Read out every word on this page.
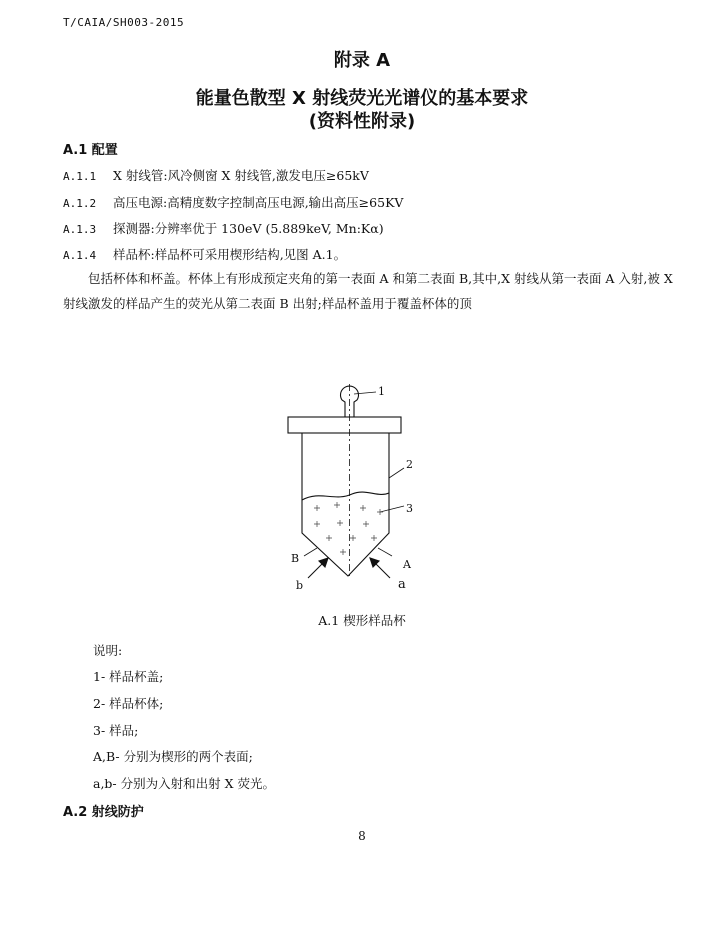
T/CAIA/SH003-2015
附录 A
能量色散型 X 射线荧光光谱仪的基本要求
(资料性附录)
A.1 配置
A.1.1 X 射线管:风冷侧窗 X 射线管,激发电压≥65kV
A.1.2 高压电源:高精度数字控制高压电源,输出高压≥65KV
A.1.3 探测器:分辨率优于 130eV (5.889keV, Mn:Kα)
A.1.4 样品杯:样品杯可采用楔形结构,见图 A.1。
包括杯体和杯盖。杯体上有形成预定夹角的第一表面 A 和第二表面 B,其中,X 射线从第一表面 A 入射,被 X 射线激发的样品产生的荧光从第二表面 B 出射;样品杯盖用于覆盖杯体的顶
1
2
3
B	A
b	a
A.1 楔形样品杯
说明:
1- 样品杯盖;
2- 样品杯体;
3- 样品;
A,B- 分别为楔形的两个表面;
a,b- 分别为入射和出射 X 荧光。
A.2 射线防护
8
